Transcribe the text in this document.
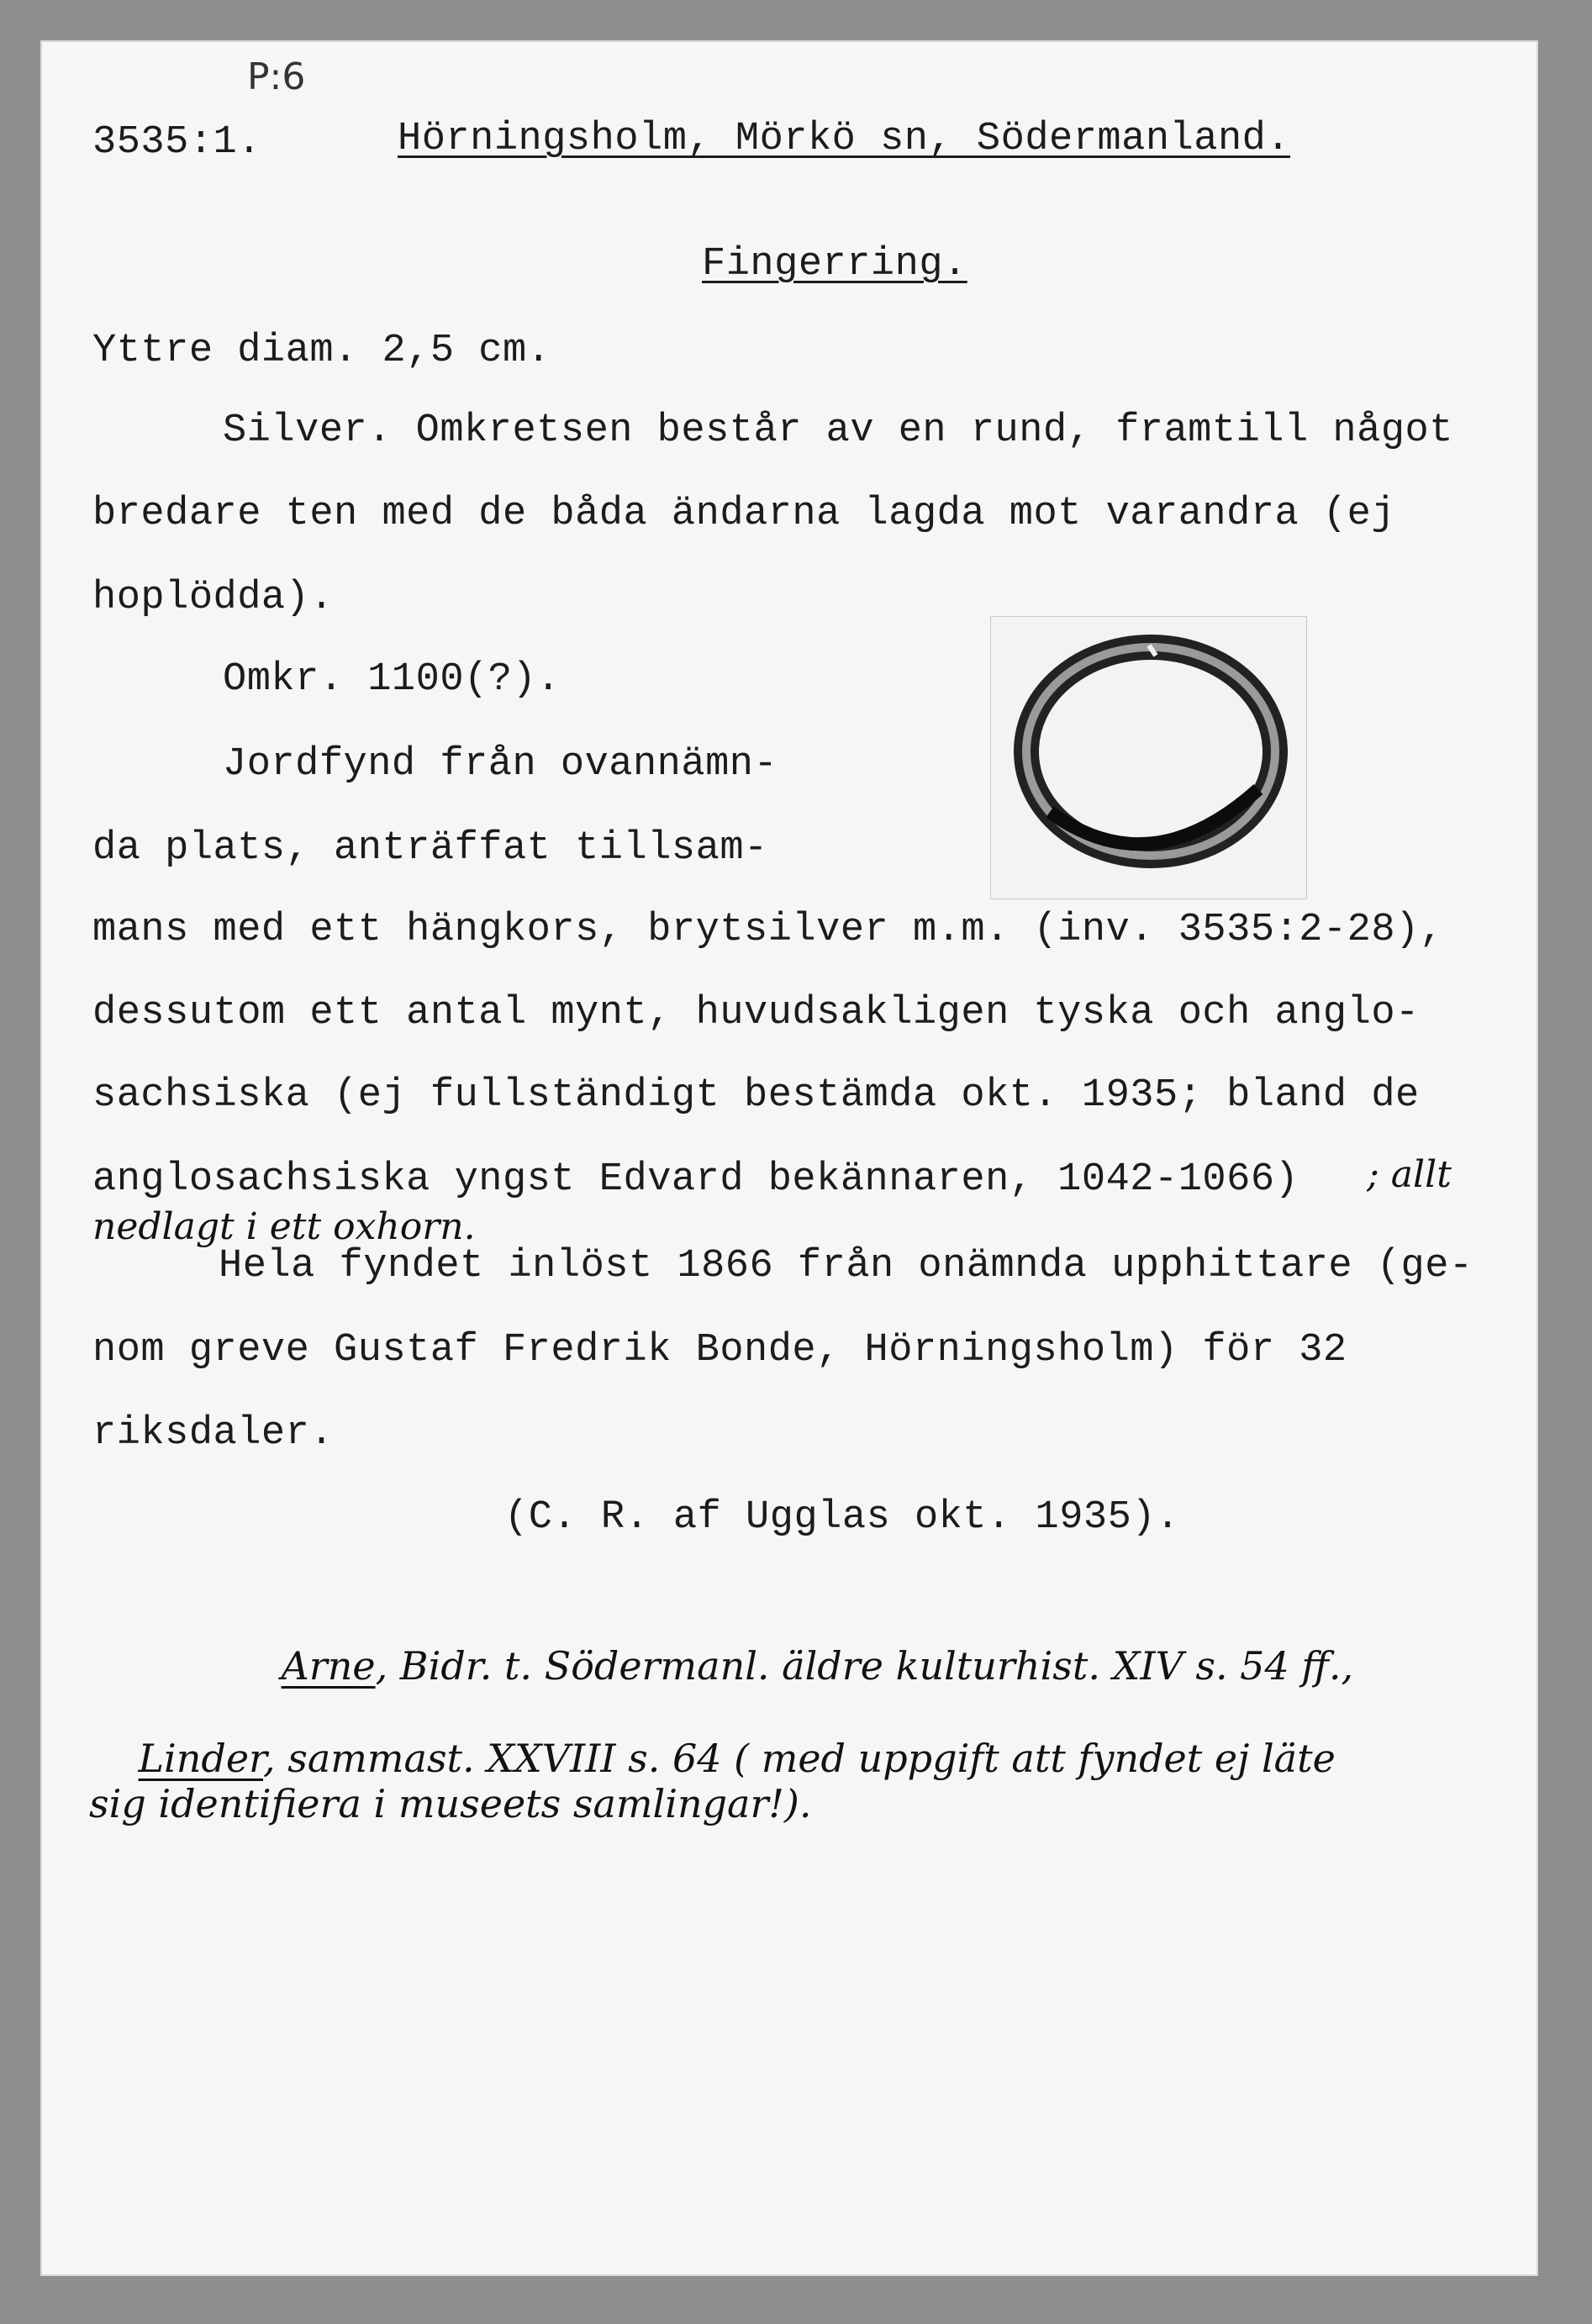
P:6
3535:1.	Hörningsholm, Mörkö sn, Södermanland.
Fingerring.
Yttre diam. 2,5 cm.
Silver. Omkretsen består av en rund, framtill något
bredare ten med de båda ändarna lagda mot varandra (ej
hoplödda).
Omkr. 1100(?).
Jordfynd från ovannämn-
da plats, anträffat tillsam-
mans med ett hängkors, brytsilver m.m. (inv. 3535:2-28),
dessutom ett antal mynt, huvudsakligen tyska och anglo-
sachsiska (ej fullständigt bestämda okt. 1935; bland de
anglosachsiska yngst Edvard bekännaren, 1042-1066) ; allt
nedlagt i ett oxhorn.
Hela fyndet inlöst 1866 från onämnda upphittare (ge-
nom greve Gustaf Fredrik Bonde, Hörningsholm) för 32
riksdaler.
(C. R. af Ugglas okt. 1935).

Arne, Bidr. t. Södermanl. äldre kulturhist. XIV s. 54 ff.,

Linder, sammast. XXVIII s. 64 ( med uppgift att fyndet ej läte

sig identifiera i museets samlingar!).
